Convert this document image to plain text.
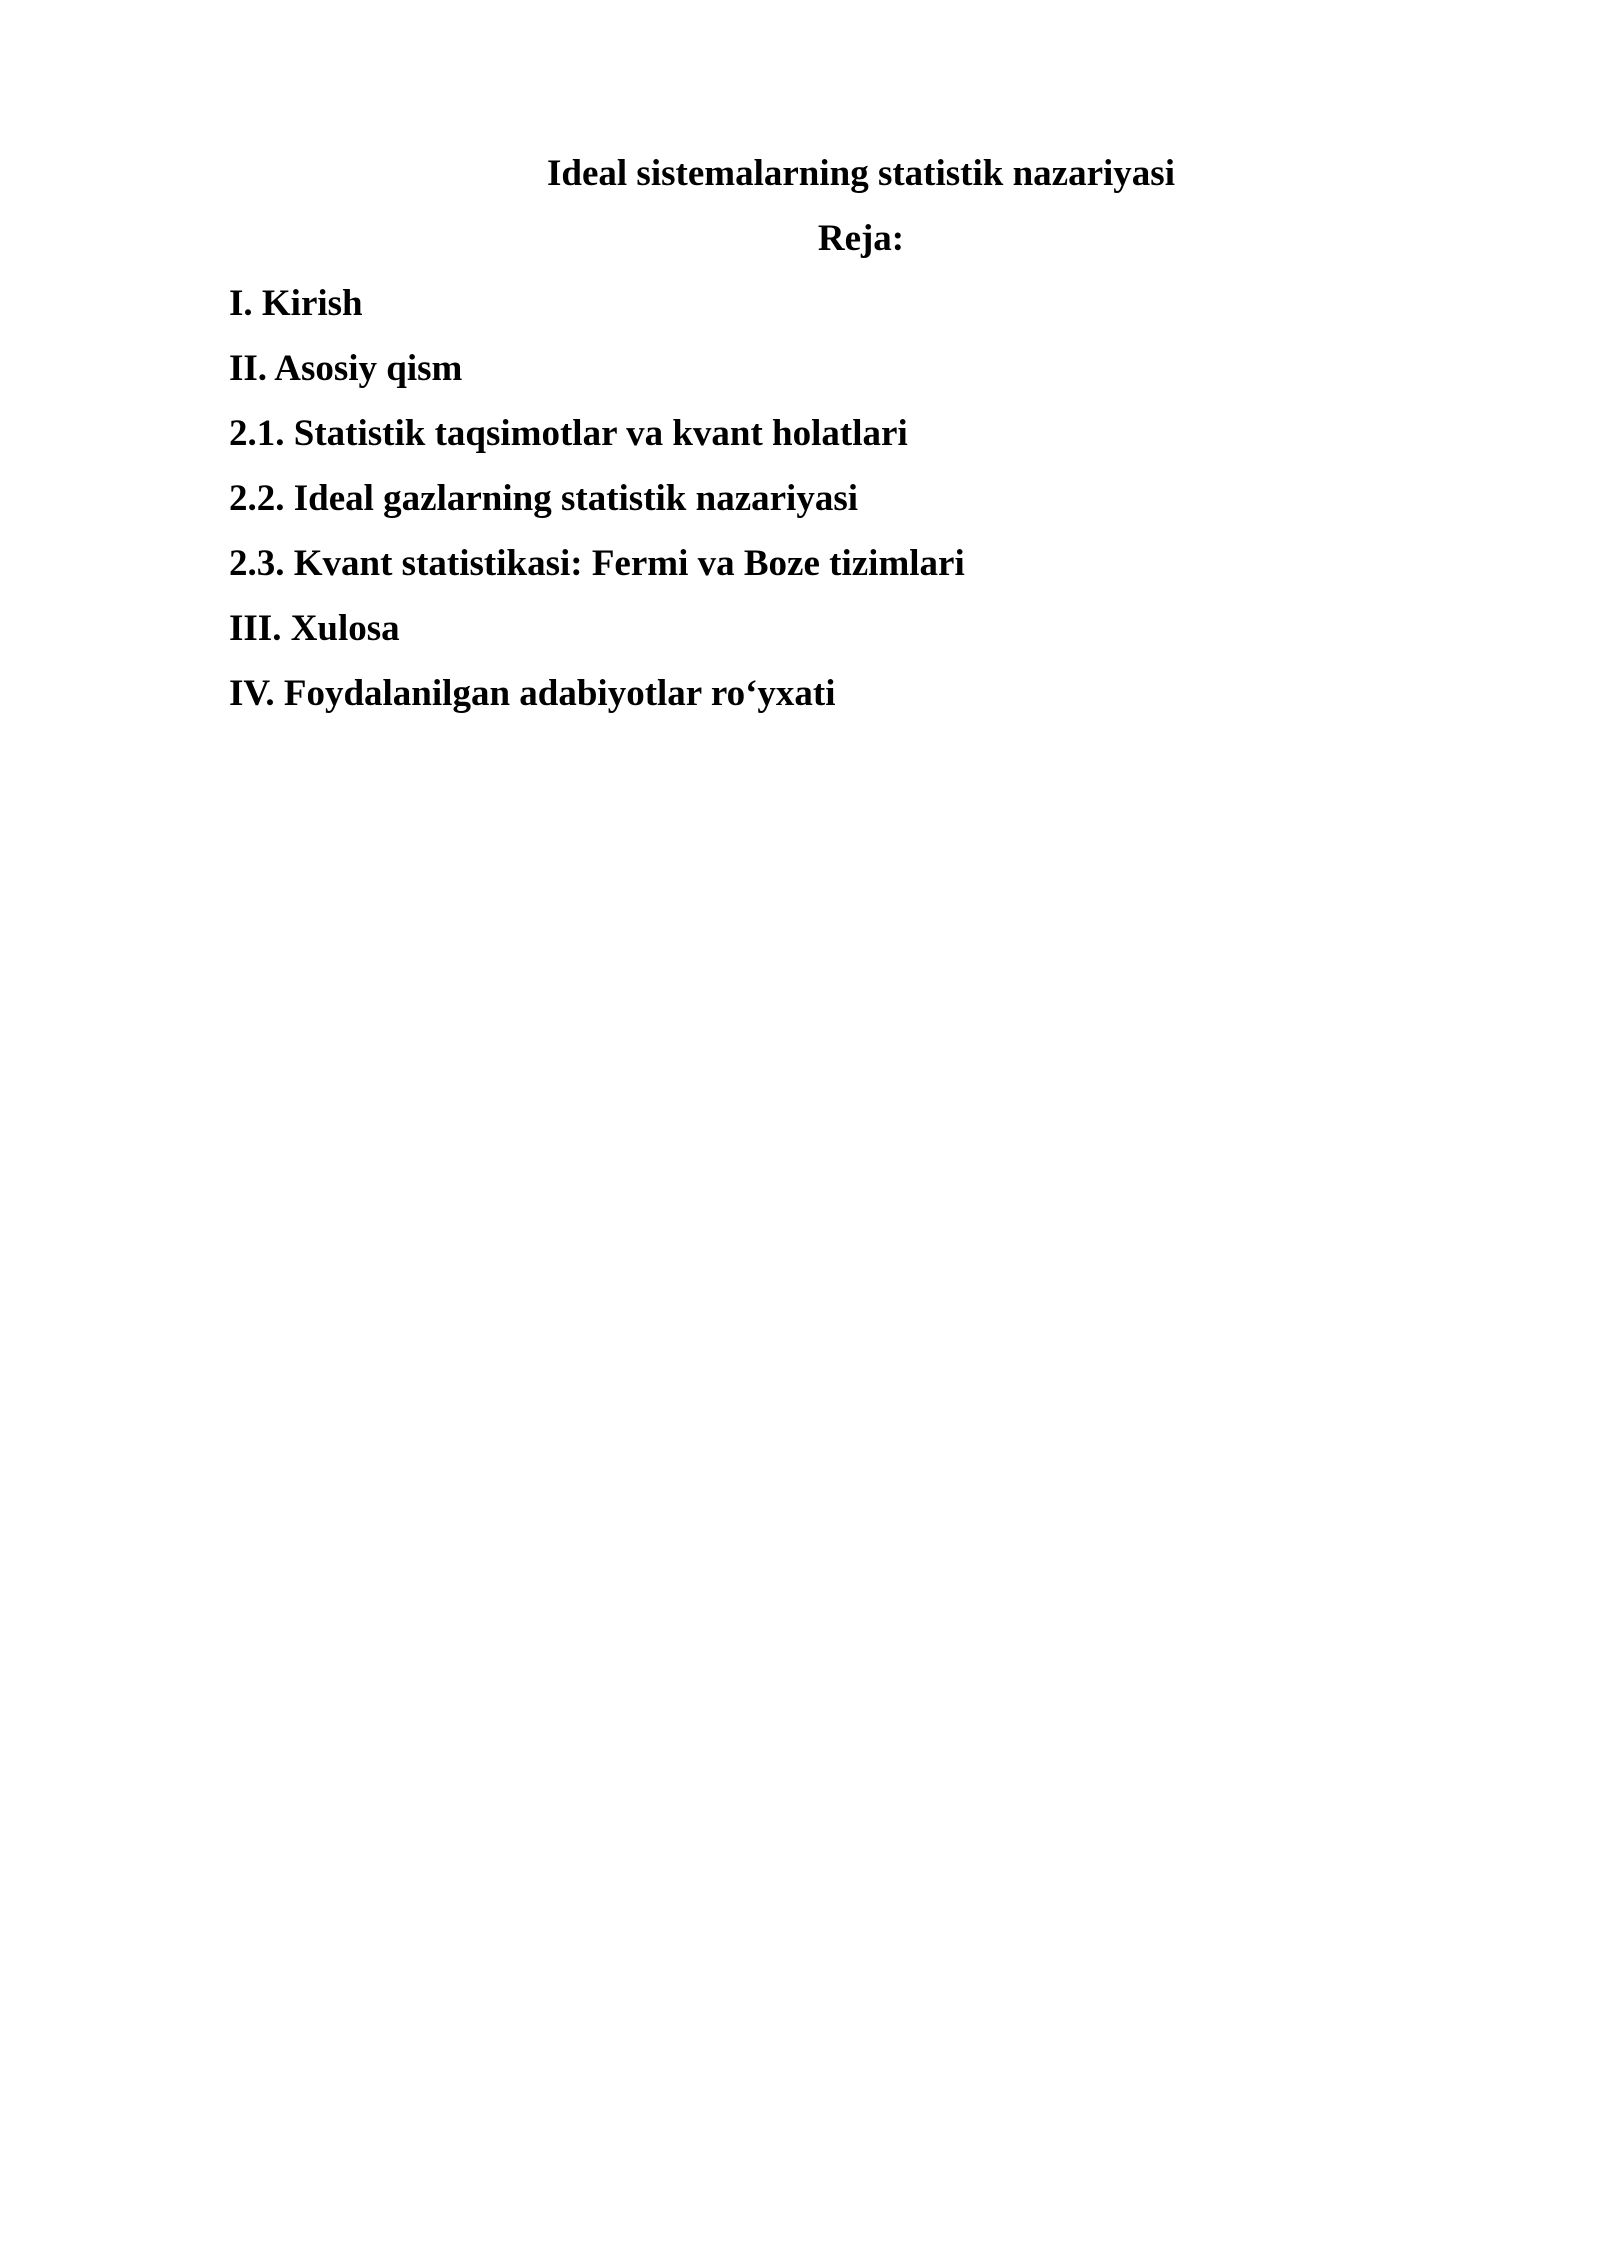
Ideal sistemalarning statistik nazariyasi
Reja:
I. Kirish
II. Asosiy qism
2.1. Statistik taqsimotlar va kvant holatlari
2.2. Ideal gazlarning statistik nazariyasi
2.3. Kvant statistikasi: Fermi va Boze tizimlari
III. Xulosa
IV. Foydalanilgan adabiyotlar ro‘yxati
